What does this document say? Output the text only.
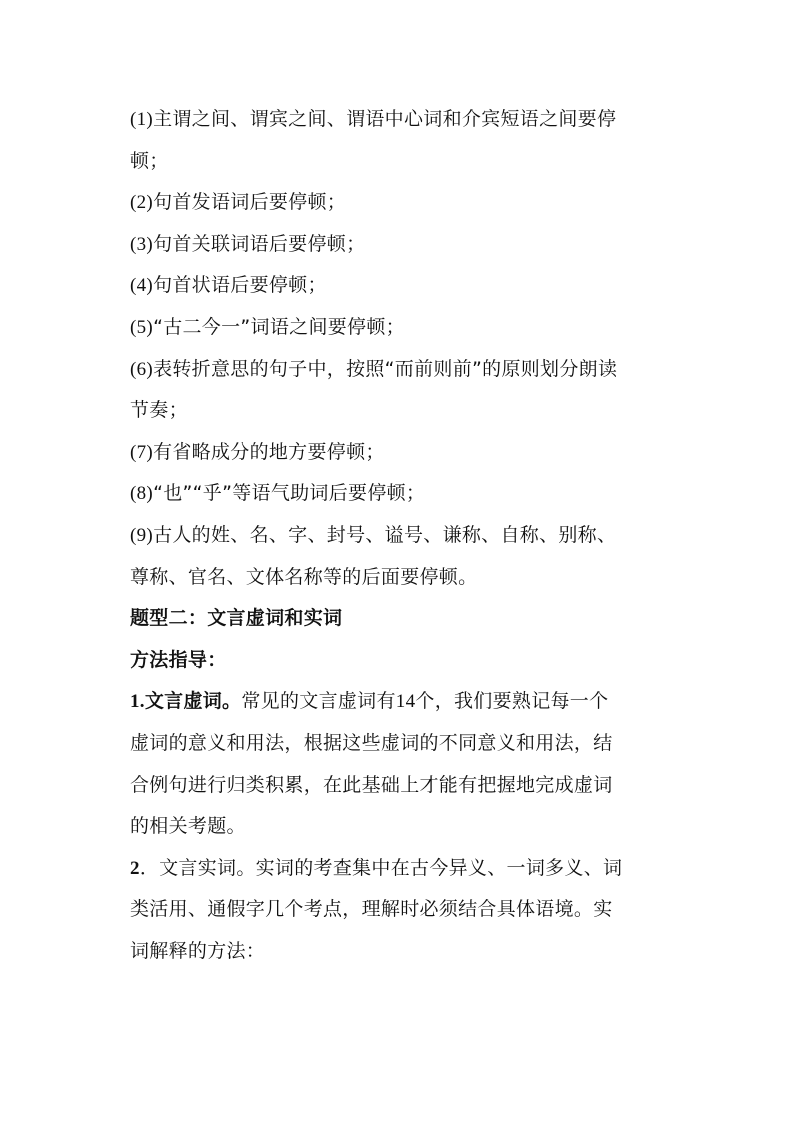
(1)主谓之间、谓宾之间、谓语中心词和介宾短语之间要停
顿；
(2)句首发语词后要停顿；
(3)句首关联词语后要停顿；
(4)句首状语后要停顿；
(5)“古二今一”词语之间要停顿；
(6)表转折意思的句子中，按照“而前则前”的原则划分朗读
节奏；
(7)有省略成分的地方要停顿；
(8)“也”“乎”等语气助词后要停顿；
(9)古人的姓、名、字、封号、谥号、谦称、自称、别称、
尊称、官名、文体名称等的后面要停顿。
题型二：文言虚词和实词
方法指导：
1.文言虚词。常见的文言虚词有14个，我们要熟记每一个
虚词的意义和用法，根据这些虚词的不同意义和用法，结
合例句进行归类积累，在此基础上才能有把握地完成虚词
的相关考题。
2．文言实词。实词的考查集中在古今异义、一词多义、词
类活用、通假字几个考点，理解时必须结合具体语境。实
词解释的方法：
